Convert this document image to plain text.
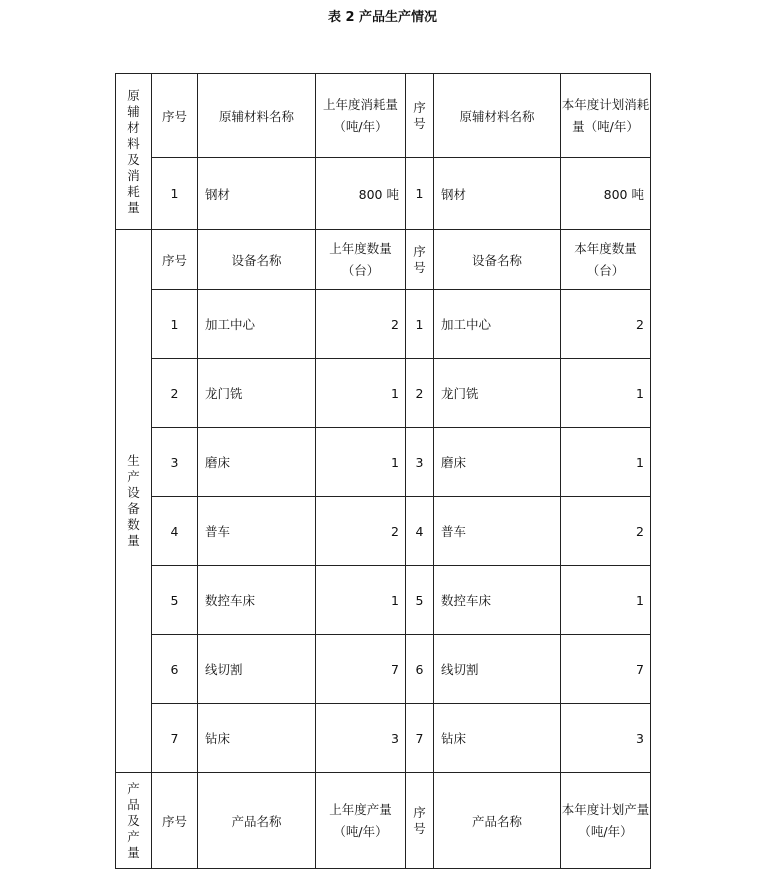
表 2 产品生产情况
原辅材料及消耗量	序号	原辅材料名称	上年度消耗量（吨/年）	序号	原辅材料名称	本年度计划消耗量（吨/年）
	1	钢材	800 吨	1	钢材	800 吨
生产设备数量	序号	设备名称	上年度数量（台）	序号	设备名称	本年度数量（台）
	1	加工中心	2	1	加工中心	2
	2	龙门铣	1	2	龙门铣	1
	3	磨床	1	3	磨床	1
	4	普车	2	4	普车	2
	5	数控车床	1	5	数控车床	1
	6	线切割	7	6	线切割	7
	7	钻床	3	7	钻床	3
产品及产量	序号	产品名称	上年度产量（吨/年）	序号	产品名称	本年度计划产量（吨/年）
